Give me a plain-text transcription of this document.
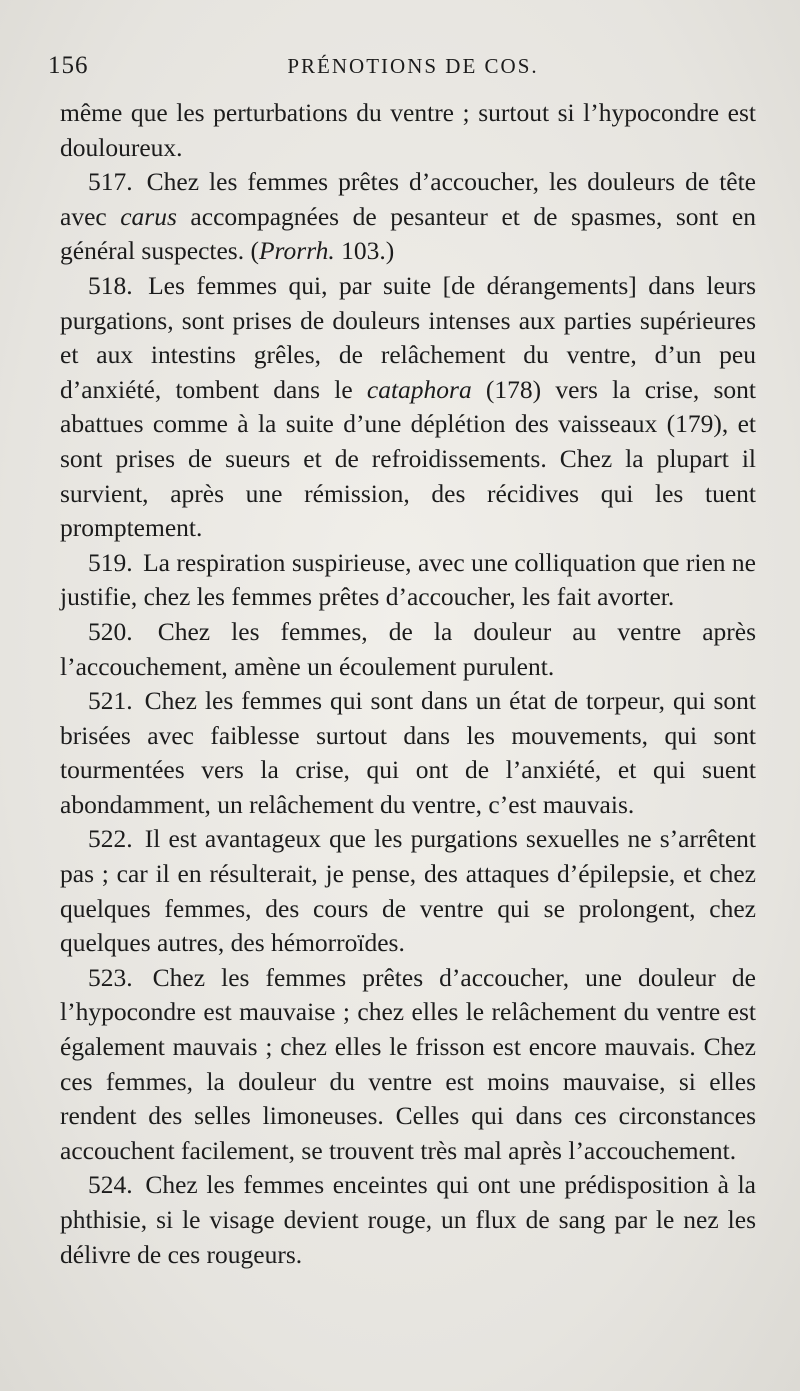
156	PRÉNOTIONS DE COS.

même que les perturbations du ventre ; surtout si l’hypocondre est douloureux.

517. Chez les femmes prêtes d’accoucher, les douleurs de tête avec carus accompagnées de pesanteur et de spasmes, sont en général suspectes. (Prorrh. 103.)

518. Les femmes qui, par suite [de dérangements] dans leurs purgations, sont prises de douleurs intenses aux parties supérieures et aux intestins grêles, de relâchement du ventre, d’un peu d’anxiété, tombent dans le cataphora (178) vers la crise, sont abattues comme à la suite d’une déplétion des vaisseaux (179), et sont prises de sueurs et de refroidissements. Chez la plupart il survient, après une rémission, des récidives qui les tuent promptement.

519. La respiration suspirieuse, avec une colliquation que rien ne justifie, chez les femmes prêtes d’accoucher, les fait avorter.

520. Chez les femmes, de la douleur au ventre après l’accouchement, amène un écoulement purulent.

521. Chez les femmes qui sont dans un état de torpeur, qui sont brisées avec faiblesse surtout dans les mouvements, qui sont tourmentées vers la crise, qui ont de l’anxiété, et qui suent abondamment, un relâchement du ventre, c’est mauvais.

522. Il est avantageux que les purgations sexuelles ne s’arrêtent pas ; car il en résulterait, je pense, des attaques d’épilepsie, et chez quelques femmes, des cours de ventre qui se prolongent, chez quelques autres, des hémorroïdes.

523. Chez les femmes prêtes d’accoucher, une douleur de l’hypocondre est mauvaise ; chez elles le relâchement du ventre est également mauvais ; chez elles le frisson est encore mauvais. Chez ces femmes, la douleur du ventre est moins mauvaise, si elles rendent des selles limoneuses. Celles qui dans ces circonstances accouchent facilement, se trouvent très mal après l’accouchement.

524. Chez les femmes enceintes qui ont une prédisposition à la phthisie, si le visage devient rouge, un flux de sang par le nez les délivre de ces rougeurs.
